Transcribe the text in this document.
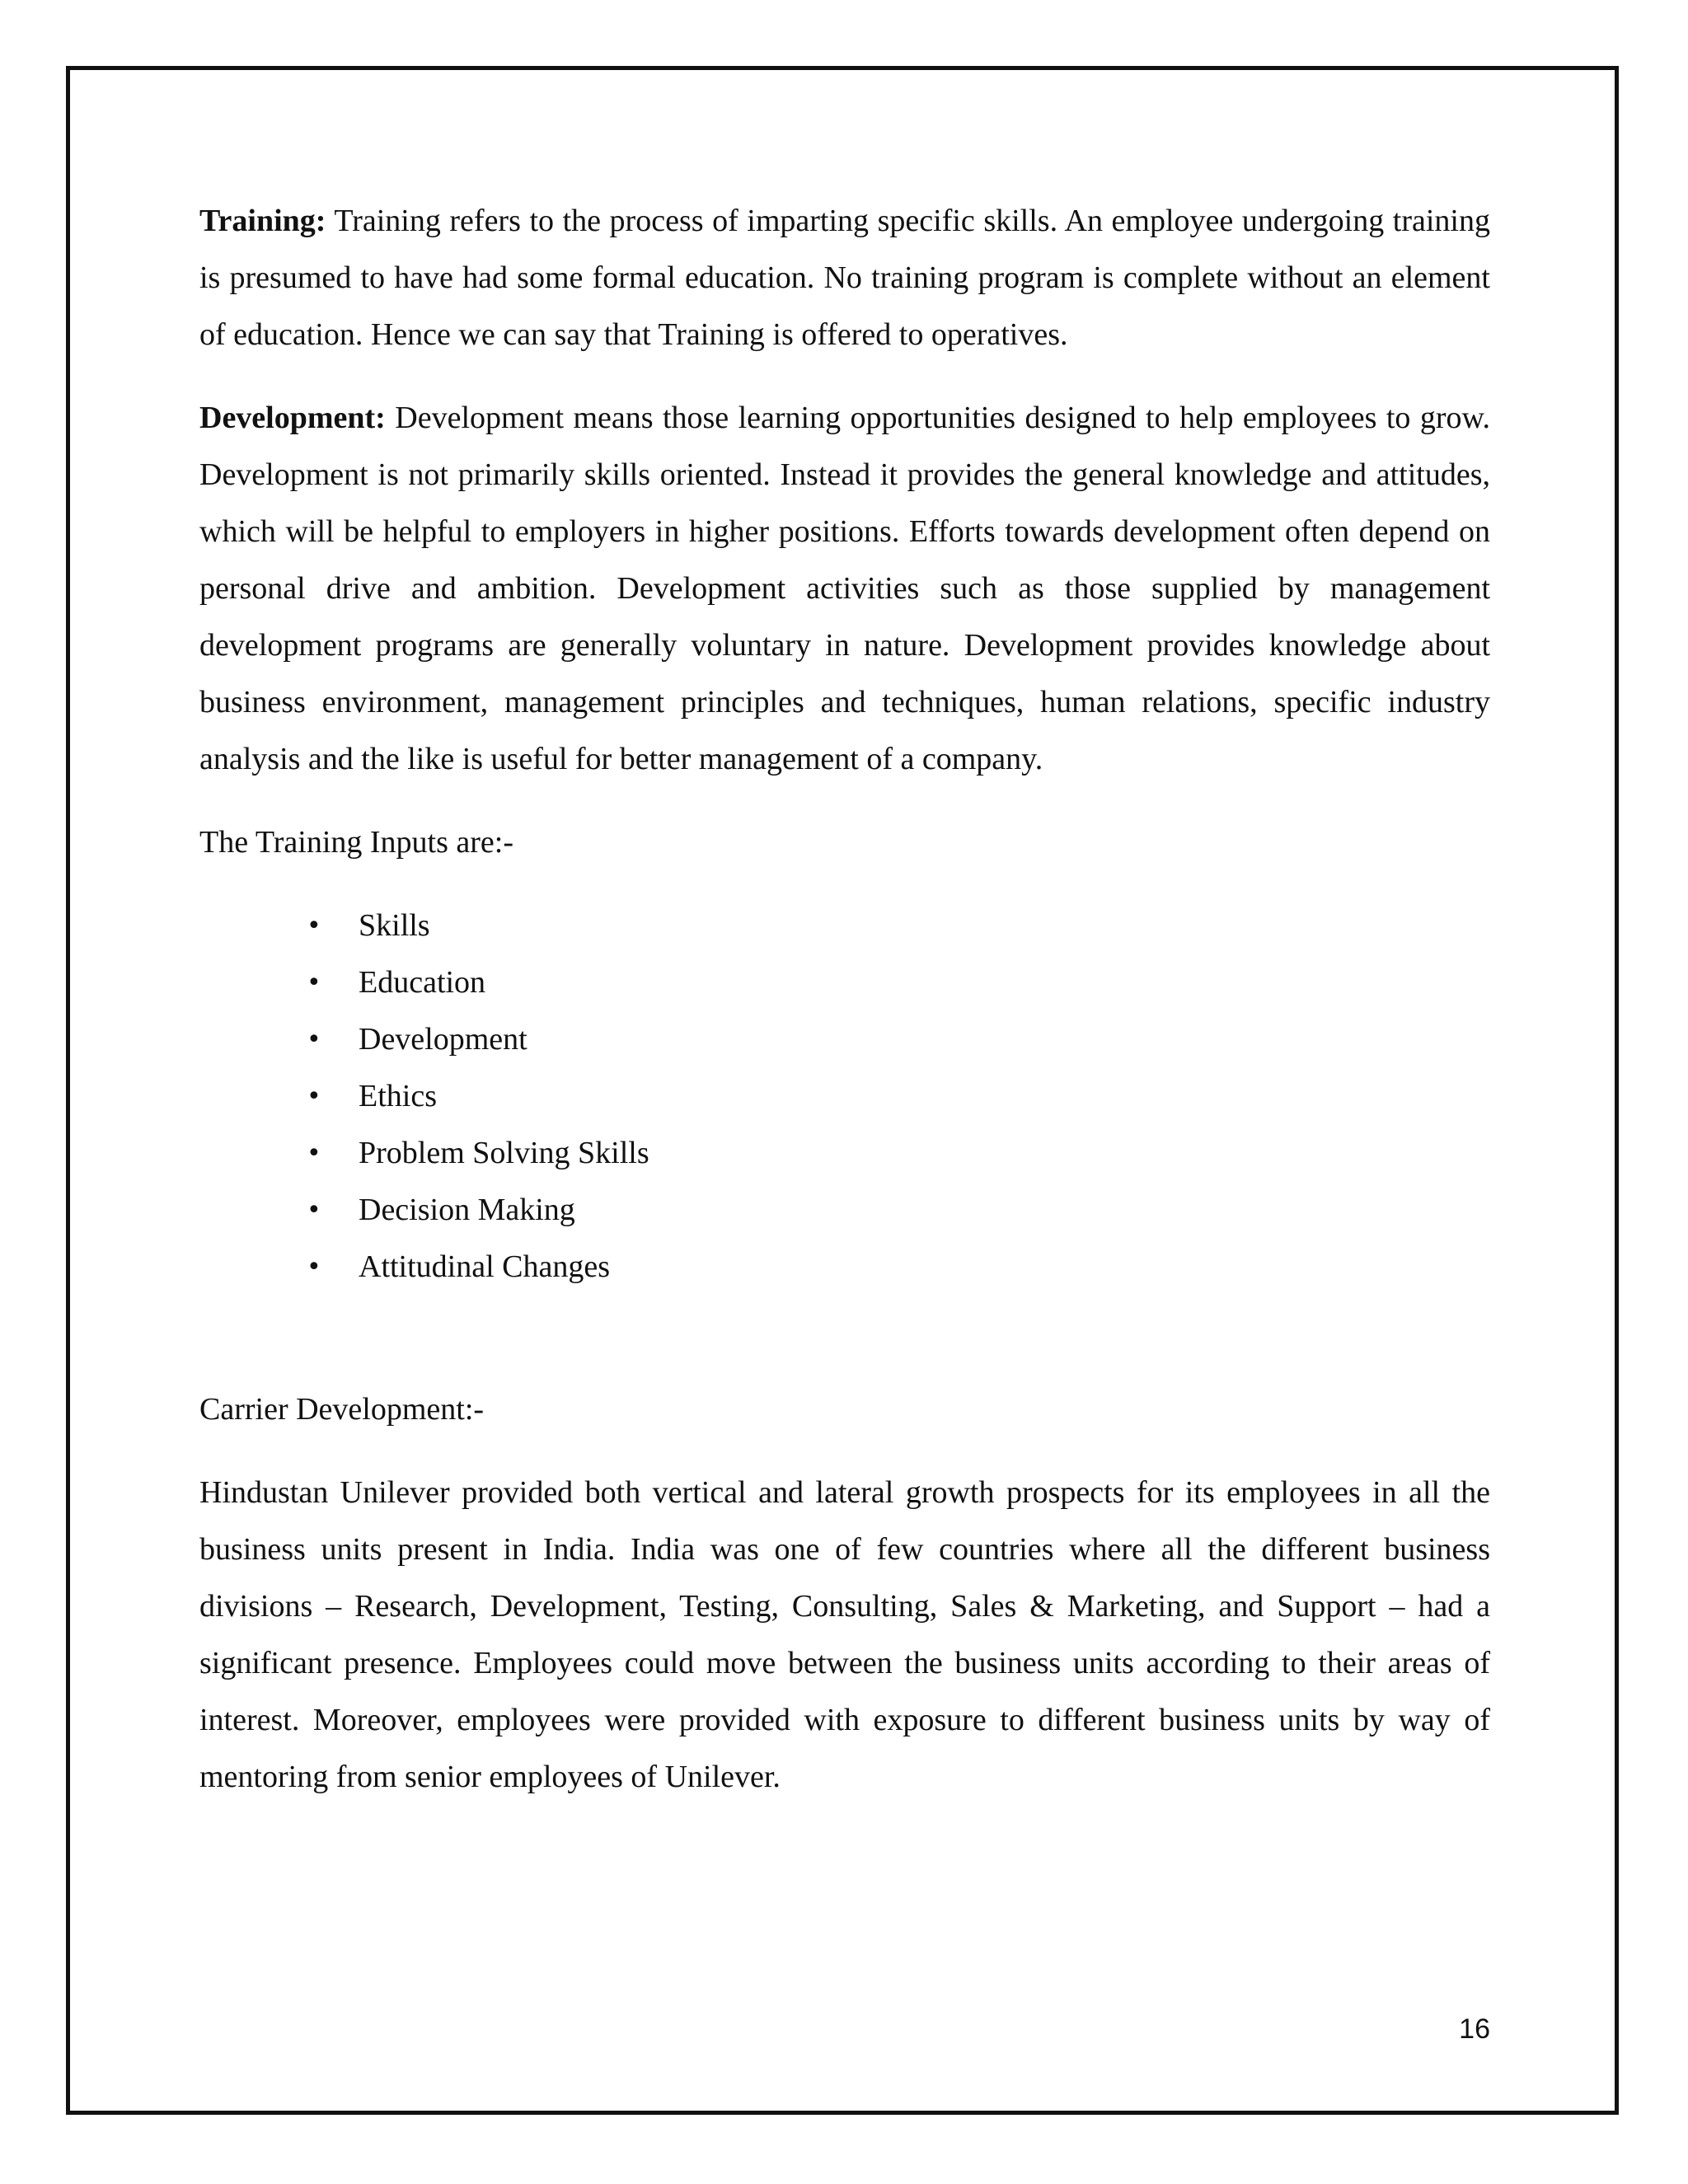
Training: Training refers to the process of imparting specific skills. An employee undergoing training is presumed to have had some formal education. No training program is complete without an element of education. Hence we can say that Training is offered to operatives.

Development: Development means those learning opportunities designed to help employees to grow. Development is not primarily skills oriented. Instead it provides the general knowledge and attitudes, which will be helpful to employers in higher positions. Efforts towards development often depend on personal drive and ambition. Development activities such as those supplied by management development programs are generally voluntary in nature. Development provides knowledge about business environment, management principles and techniques, human relations, specific industry analysis and the like is useful for better management of a company.

The Training Inputs are:-

• Skills
• Education
• Development
• Ethics
• Problem Solving Skills
• Decision Making
• Attitudinal Changes

Carrier Development:-

Hindustan Unilever provided both vertical and lateral growth prospects for its employees in all the business units present in India. India was one of few countries where all the different business divisions – Research, Development, Testing, Consulting, Sales & Marketing, and Support – had a significant presence. Employees could move between the business units according to their areas of interest. Moreover, employees were provided with exposure to different business units by way of mentoring from senior employees of Unilever.

16
